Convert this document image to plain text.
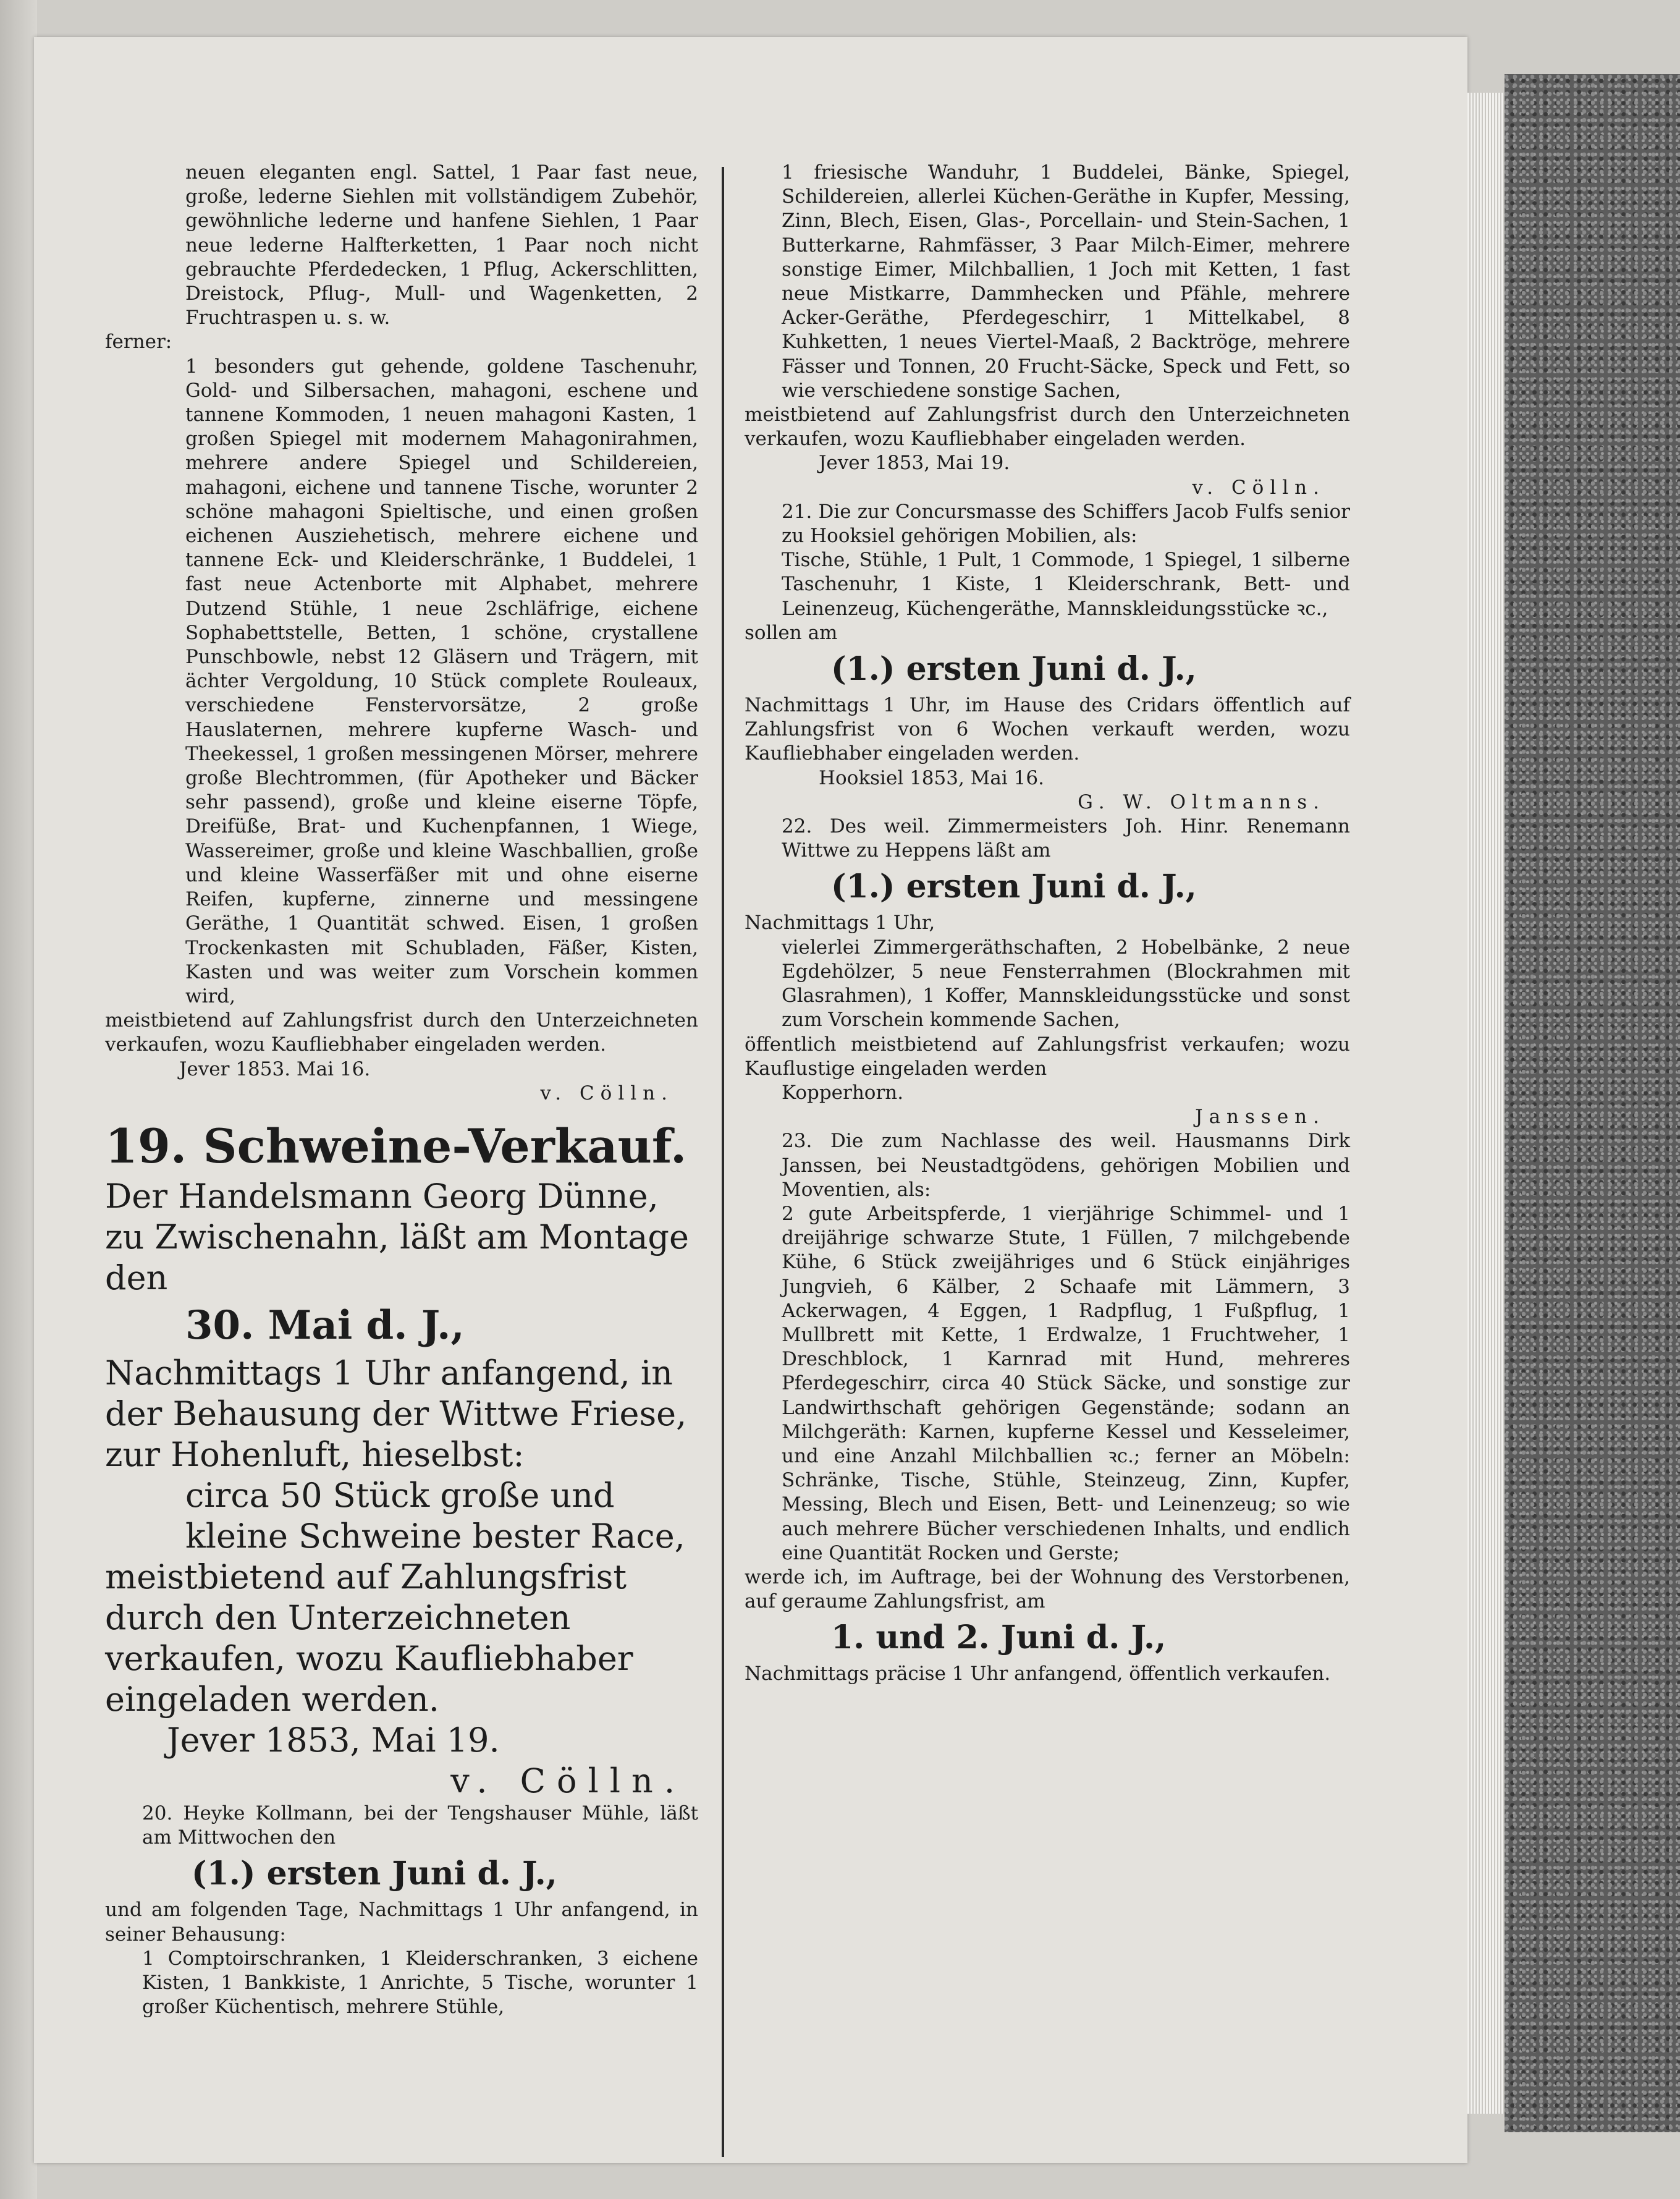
neuen eleganten engl. Sattel, 1 Paar fast neue, große, lederne Siehlen mit vollständigem Zubehör, gewöhnliche lederne und hanfene Siehlen, 1 Paar neue lederne Halfterketten, 1 Paar noch nicht gebrauchte Pferdedecken, 1 Pflug, Ackerschlitten, Dreistock, Pflug-, Mull- und Wagenketten, 2 Fruchtraspen u. s. w.

ferner:

1 besonders gut gehende, goldene Taschenuhr, Gold- und Silbersachen, mahagoni, eschene und tannene Kommoden, 1 neuen mahagoni Kasten, 1 großen Spiegel mit modernem Mahagonirahmen, mehrere andere Spiegel und Schildereien, mahagoni, eichene und tannene Tische, worunter 2 schöne mahagoni Spieltische, und einen großen eichenen Ausziehetisch, mehrere eichene und tannene Eck- und Kleiderschränke, 1 Buddelei, 1 fast neue Actenborte mit Alphabet, mehrere Dutzend Stühle, 1 neue 2schläfrige, eichene Sophabettstelle, Betten, 1 schöne, crystallene Punschbowle, nebst 12 Gläsern und Trägern, mit ächter Vergoldung, 10 Stück complete Rouleaux, verschiedene Fenstervorsätze, 2 große Hauslaternen, mehrere kupferne Wasch- und Theekessel, 1 großen messingenen Mörser, mehrere große Blechtrommen, (für Apotheker und Bäcker sehr passend), große und kleine eiserne Töpfe, Dreifüße, Brat- und Kuchenpfannen, 1 Wiege, Wassereimer, große und kleine Waschballien, große und kleine Wasserfäßer mit und ohne eiserne Reifen, kupferne, zinnerne und messingene Geräthe, 1 Quantität schwed. Eisen, 1 großen Trockenkasten mit Schubladen, Fäßer, Kisten, Kasten und was weiter zum Vorschein kommen wird,

meistbietend auf Zahlungsfrist durch den Unterzeichneten verkaufen, wozu Kaufliebhaber eingeladen werden.

Jever 1853. Mai 16.

v. Cölln.

19. Schweine-Verkauf.

Der Handelsmann Georg Dünne, zu Zwischenahn, läßt am Montage den

30. Mai d. J.,

Nachmittags 1 Uhr anfangend, in der Behausung der Wittwe Friese, zur Hohenluft, hieselbst:

circa 50 Stück große und kleine Schweine bester Race,

meistbietend auf Zahlungsfrist durch den Unterzeichneten verkaufen, wozu Kaufliebhaber eingeladen werden.

Jever 1853, Mai 19.

v. Cölln.

20. Heyke Kollmann, bei der Tengshauser Mühle, läßt am Mittwochen den

(1.) ersten Juni d. J.,

und am folgenden Tage, Nachmittags 1 Uhr anfangend, in seiner Behausung:

1 Comptoirschranken, 1 Kleiderschranken, 3 eichene Kisten, 1 Bankkiste, 1 Anrichte, 5 Tische, worunter 1 großer Küchentisch, mehrere Stühle,

1 friesische Wanduhr, 1 Buddelei, Bänke, Spiegel, Schildereien, allerlei Küchen-Geräthe in Kupfer, Messing, Zinn, Blech, Eisen, Glas-, Porcellain- und Stein-Sachen, 1 Butterkarne, Rahmfässer, 3 Paar Milch-Eimer, mehrere sonstige Eimer, Milchballien, 1 Joch mit Ketten, 1 fast neue Mistkarre, Dammhecken und Pfähle, mehrere Acker-Geräthe, Pferdegeschirr, 1 Mittelkabel, 8 Kuhketten, 1 neues Viertel-Maaß, 2 Backtröge, mehrere Fässer und Tonnen, 20 Frucht-Säcke, Speck und Fett, so wie verschiedene sonstige Sachen,

meistbietend auf Zahlungsfrist durch den Unterzeichneten verkaufen, wozu Kaufliebhaber eingeladen werden.

Jever 1853, Mai 19.

v. Cölln.

21. Die zur Concursmasse des Schiffers Jacob Fulfs senior zu Hooksiel gehörigen Mobilien, als:

Tische, Stühle, 1 Pult, 1 Commode, 1 Spiegel, 1 silberne Taschenuhr, 1 Kiste, 1 Kleiderschrank, Bett- und Leinenzeug, Küchengeräthe, Mannskleidungsstücke ꝛc.,

sollen am

(1.) ersten Juni d. J.,

Nachmittags 1 Uhr, im Hause des Cridars öffentlich auf Zahlungsfrist von 6 Wochen verkauft werden, wozu Kaufliebhaber eingeladen werden.

Hooksiel 1853, Mai 16.

G. W. Oltmanns.

22. Des weil. Zimmermeisters Joh. Hinr. Renemann Wittwe zu Heppens läßt am

(1.) ersten Juni d. J.,

Nachmittags 1 Uhr,

vielerlei Zimmergeräthschaften, 2 Hobelbänke, 2 neue Egdehölzer, 5 neue Fensterrahmen (Blockrahmen mit Glasrahmen), 1 Koffer, Mannskleidungsstücke und sonst zum Vorschein kommende Sachen,

öffentlich meistbietend auf Zahlungsfrist verkaufen; wozu Kauflustige eingeladen werden

Kopperhorn.

Janssen.

23. Die zum Nachlasse des weil. Hausmanns Dirk Janssen, bei Neustadtgödens, gehörigen Mobilien und Moventien, als:

2 gute Arbeitspferde, 1 vierjährige Schimmel- und 1 dreijährige schwarze Stute, 1 Füllen, 7 milchgebende Kühe, 6 Stück zweijähriges und 6 Stück einjähriges Jungvieh, 6 Kälber, 2 Schaafe mit Lämmern, 3 Ackerwagen, 4 Eggen, 1 Radpflug, 1 Fußpflug, 1 Mullbrett mit Kette, 1 Erdwalze, 1 Fruchtweher, 1 Dreschblock, 1 Karnrad mit Hund, mehreres Pferdegeschirr, circa 40 Stück Säcke, und sonstige zur Landwirthschaft gehörigen Gegenstände; sodann an Milchgeräth: Karnen, kupferne Kessel und Kesseleimer, und eine Anzahl Milchballien ꝛc.; ferner an Möbeln: Schränke, Tische, Stühle, Steinzeug, Zinn, Kupfer, Messing, Blech und Eisen, Bett- und Leinenzeug; so wie auch mehrere Bücher verschiedenen Inhalts, und endlich eine Quantität Rocken und Gerste;

werde ich, im Auftrage, bei der Wohnung des Verstorbenen, auf geraume Zahlungsfrist, am

1. und 2. Juni d. J.,

Nachmittags präcise 1 Uhr anfangend, öffentlich verkaufen.
